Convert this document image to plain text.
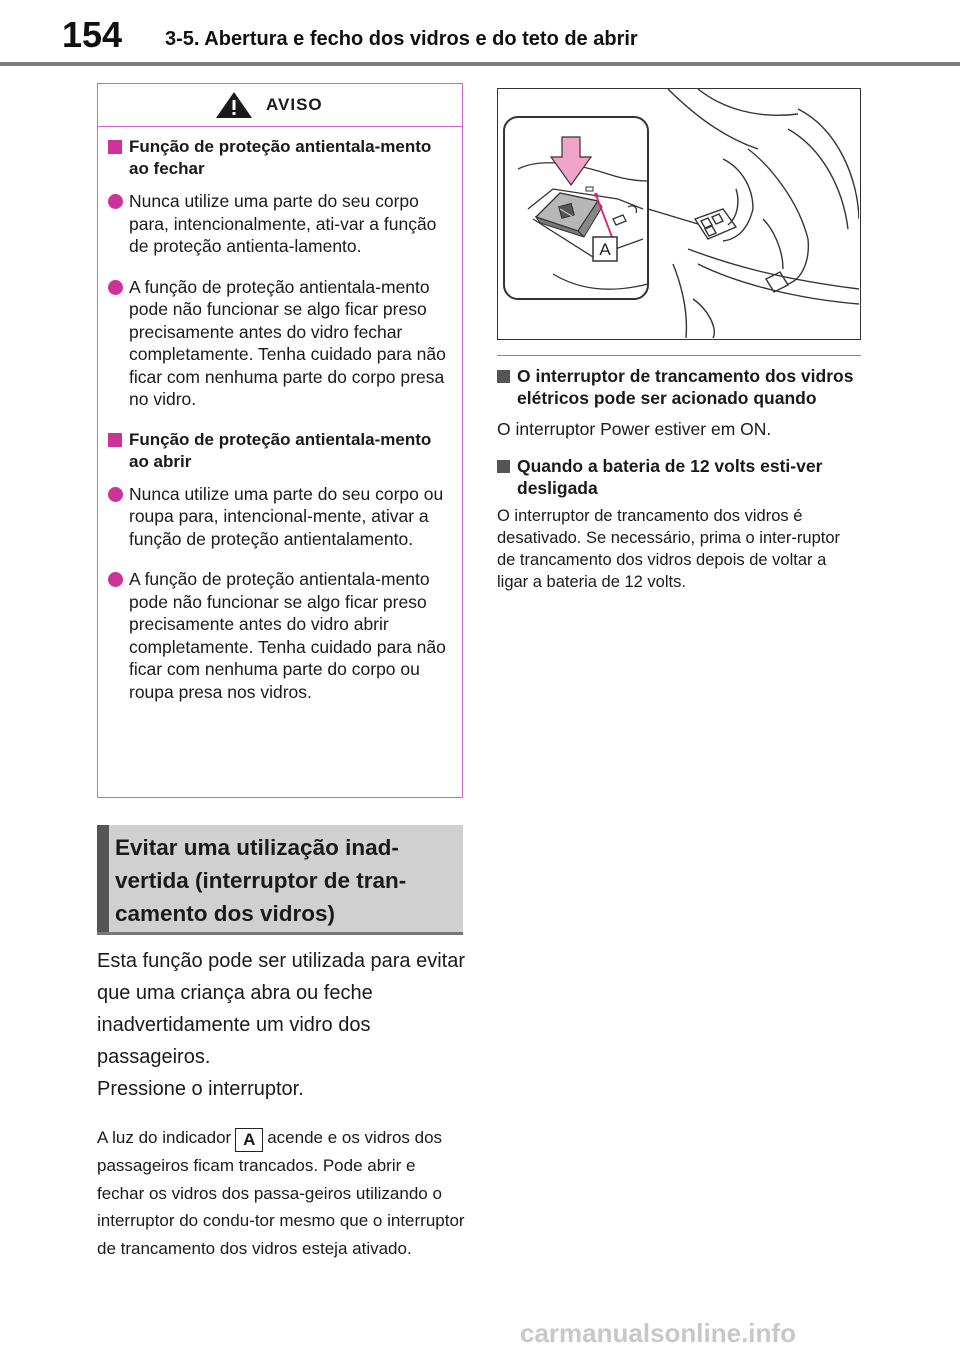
154 3-5. Abertura e fecho dos vidros e do teto de abrir
AVISO
Função de proteção antientala-mento ao fechar
Nunca utilize uma parte do seu corpo para, intencionalmente, ati-var a função de proteção antienta-lamento.
A função de proteção antientala-mento pode não funcionar se algo ficar preso precisamente antes do vidro fechar completamente. Tenha cuidado para não ficar com nenhuma parte do corpo presa no vidro.
Função de proteção antientala-mento ao abrir
Nunca utilize uma parte do seu corpo ou roupa para, intencional-mente, ativar a função de proteção antientalamento.
A função de proteção antientala-mento pode não funcionar se algo ficar preso precisamente antes do vidro abrir completamente. Tenha cuidado para não ficar com nenhuma parte do corpo ou roupa presa nos vidros.
Evitar uma utilização inad-vertida (interruptor de tran-camento dos vidros)
Esta função pode ser utilizada para evitar que uma criança abra ou feche inadvertidamente um vidro dos passageiros.
Pressione o interruptor.
A luz do indicador A acende e os vidros dos passageiros ficam trancados. Pode abrir e fechar os vidros dos passa-geiros utilizando o interruptor do condu-tor mesmo que o interruptor de trancamento dos vidros esteja ativado.
A
O interruptor de trancamento dos vidros elétricos pode ser acionado quando
O interruptor Power estiver em ON.
Quando a bateria de 12 volts esti-ver desligada
O interruptor de trancamento dos vidros é desativado. Se necessário, prima o inter-ruptor de trancamento dos vidros depois de voltar a ligar a bateria de 12 volts.
carmanualsonline.info
